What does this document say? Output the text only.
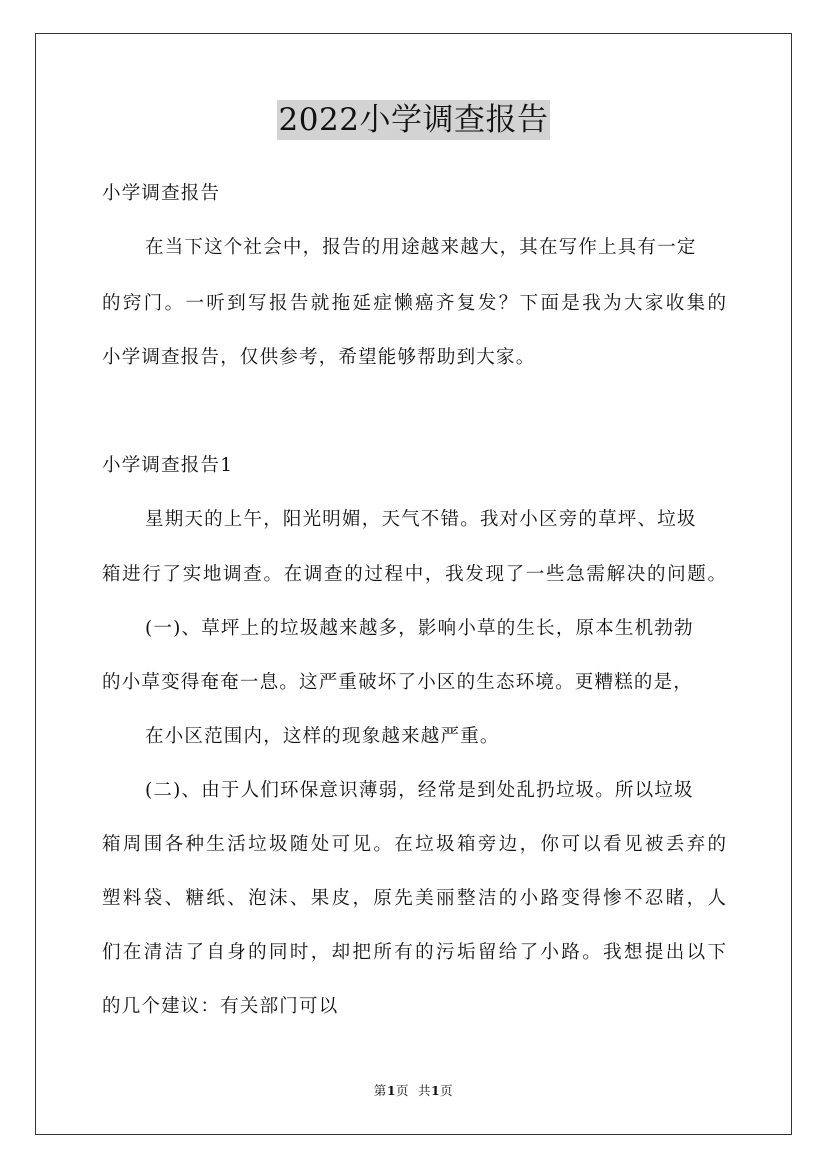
2022小学调查报告
小学调查报告
在当下这个社会中，报告的用途越来越大，其在写作上具有一定
的窍门。一听到写报告就拖延症懒癌齐复发？下面是我为大家收集的
小学调查报告，仅供参考，希望能够帮助到大家。
小学调查报告1
星期天的上午，阳光明媚，天气不错。我对小区旁的草坪、垃圾
箱进行了实地调查。在调查的过程中，我发现了一些急需解决的问题。
(一)、草坪上的垃圾越来越多，影响小草的生长，原本生机勃勃
的小草变得奄奄一息。这严重破坏了小区的生态环境。更糟糕的是，
在小区范围内，这样的现象越来越严重。
(二)、由于人们环保意识薄弱，经常是到处乱扔垃圾。所以垃圾
箱周围各种生活垃圾随处可见。在垃圾箱旁边，你可以看见被丢弃的
塑料袋、糖纸、泡沫、果皮，原先美丽整洁的小路变得惨不忍睹，人
们在清洁了自身的同时，却把所有的污垢留给了小路。我想提出以下
的几个建议：有关部门可以
第1页  共1页
